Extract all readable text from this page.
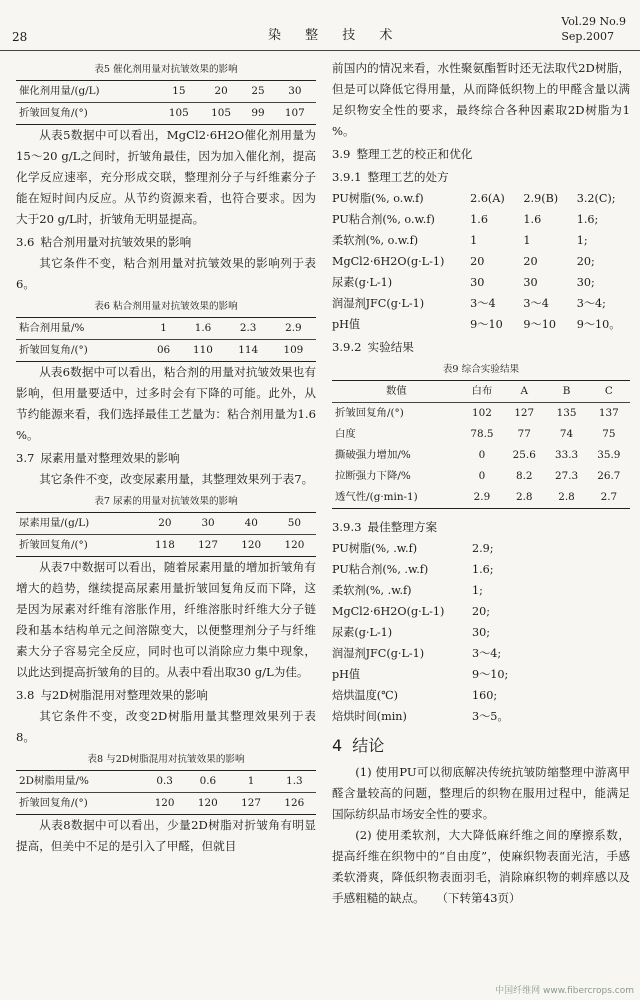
28	染 整 技 术
Vol.29 No.9
Sep.2007
表5 催化剂用量对抗皱效果的影响
催化剂用量/(g/L)	15	20	25	30
折皱回复角/(°)	105	105	99	107

从表5数据中可以看出，MgCl2·6H2O催化剂用量为15～20 g/L之间时，折皱角最佳，因为加入催化剂，提高化学反应速率，充分形成交联，整理剂分子与纤维素分子能在短时间内反应。从节约资源来看，也符合要求。因为大于20 g/L时，折皱角无明显提高。

3.6 粘合剂用量对抗皱效果的影响

其它条件不变，粘合剂用量对抗皱效果的影响列于表6。

表6 粘合剂用量对抗皱效果的影响
粘合剂用量/%	1	1.6	2.3	2.9
折皱回复角/(°)	06	110	114	109

从表6数据中可以看出，粘合剂的用量对抗皱效果也有影响，但用量要适中，过多时会有下降的可能。此外，从节约能源来看，我们选择最佳工艺量为：粘合剂用量为1.6 %。

3.7 尿素用量对整理效果的影响

其它条件不变，改变尿素用量，其整理效果列于表7。

表7 尿素的用量对抗皱效果的影响
尿素用量/(g/L)	20	30	40	50
折皱回复角/(°)	118	127	120	120

从表7中数据可以看出，随着尿素用量的增加折皱角有增大的趋势，继续提高尿素用量折皱回复角反而下降，这是因为尿素对纤维有溶胀作用，纤维溶胀时纤维大分子链段和基本结构单元之间溶隙变大，以便整理剂分子与纤维素大分子容易完全反应，同时也可以消除应力集中现象，以此达到提高折皱角的目的。从表中看出取30 g/L为佳。

3.8 与2D树脂混用对整理效果的影响

其它条件不变，改变2D树脂用量其整理效果列于表8。

表8 与2D树脂混用对抗皱效果的影响
2D树脂用量/%	0.3	0.6	1	1.3
折皱回复角/(°)	120	120	127	126

从表8数据中可以看出，少量2D树脂对折皱角有明显提高，但美中不足的是引入了甲醛，但就目

前国内的情况来看，水性聚氨酯暂时还无法取代2D树脂，但是可以降低它得用量，从而降低织物上的甲醛含量以满足织物安全性的要求，最终综合各种因素取2D树脂为1 %。

3.9 整理工艺的校正和优化
3.9.1 整理工艺的处方
PU树脂(%, o.w.f)	2.6(A)	2.9(B)	3.2(C);
PU粘合剂(%, o.w.f)	1.6	1.6	1.6;
柔软剂(%, o.w.f)	1	1	1;
MgCl2·6H2O(g·L-1)	20	20	20;
尿素(g·L-1)	30	30	30;
润湿剂JFC(g·L-1)	3～4	3～4	3～4;
pH值	9～10	9～10	9～10。
3.9.2 实验结果
表9 综合实验结果
数值	白布	A	B	C
折皱回复角/(°)	102	127	135	137
白度	78.5	77	74	75
撕破强力增加/%	0	25.6	33.3	35.9
拉断强力下降/%	0	8.2	27.3	26.7
透气性/(g·min-1)	2.9	2.8	2.8	2.7
3.9.3 最佳整理方案
PU树脂(%, .w.f)	2.9;
PU粘合剂(%, .w.f)	1.6;
柔软剂(%, .w.f)	1;
MgCl2·6H2O(g·L-1)	20;
尿素(g·L-1)	30;
润湿剂JFC(g·L-1)	3～4;
pH值	9～10;
焙烘温度(℃)	160;
焙烘时间(min)	3～5。
4 结论

(1) 使用PU可以彻底解决传统抗皱防缩整理中游离甲醛含量较高的问题，整理后的织物在服用过程中，能满足国际纺织品市场安全性的要求。

(2) 使用柔软剂，大大降低麻纤维之间的摩擦系数，提高纤维在织物中的“自由度”，使麻织物表面光洁，手感柔软滑爽，降低织物表面羽毛，消除麻织物的刺痒感以及手感粗糙的缺点。　　（下转第43页）

中国纤维网 www.fibercrops.com
